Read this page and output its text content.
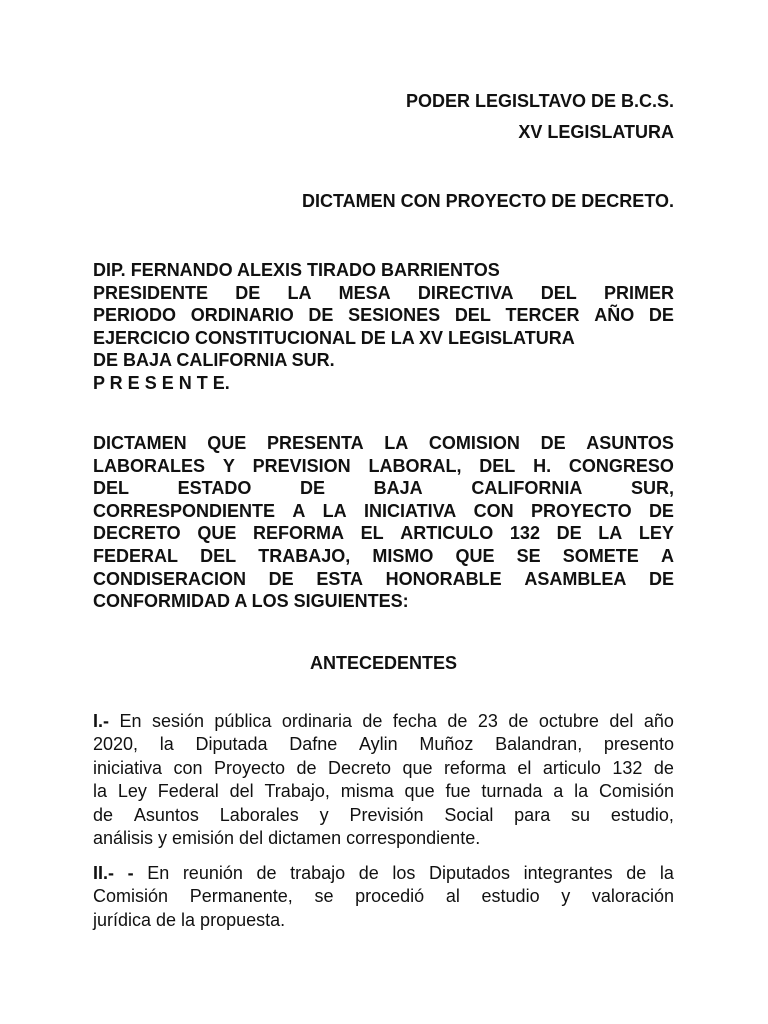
PODER LEGISLTAVO DE B.C.S.
XV LEGISLATURA
DICTAMEN CON PROYECTO DE DECRETO.
DIP. FERNANDO ALEXIS TIRADO BARRIENTOS
PRESIDENTE DE LA MESA DIRECTIVA DEL PRIMER
PERIODO ORDINARIO DE SESIONES DEL TERCER AÑO DE
EJERCICIO CONSTITUCIONAL DE LA XV LEGISLATURA
DE BAJA CALIFORNIA SUR.
P R E S E N T E.
DICTAMEN QUE PRESENTA LA COMISION DE ASUNTOS
LABORALES Y PREVISION LABORAL, DEL H. CONGRESO
DEL	ESTADO	DE	BAJA	CALIFORNIA	SUR,
CORRESPONDIENTE A LA INICIATIVA CON PROYECTO DE
DECRETO QUE REFORMA EL ARTICULO 132 DE LA LEY
FEDERAL DEL TRABAJO, MISMO QUE SE SOMETE A
CONDISERACION DE ESTA HONORABLE ASAMBLEA DE
CONFORMIDAD A LOS SIGUIENTES:
ANTECEDENTES
I.- En sesión pública ordinaria de fecha de 23 de octubre del año
2020, la Diputada Dafne Aylin Muñoz Balandran, presento
iniciativa con Proyecto de Decreto que reforma el articulo 132 de
la Ley Federal del Trabajo, misma que fue turnada a la Comisión
de Asuntos Laborales y Previsión Social para su estudio,
análisis y emisión del dictamen correspondiente.
II.- - En reunión de trabajo de los Diputados integrantes de la
Comisión Permanente, se procedió al estudio y valoración
jurídica de la propuesta.
